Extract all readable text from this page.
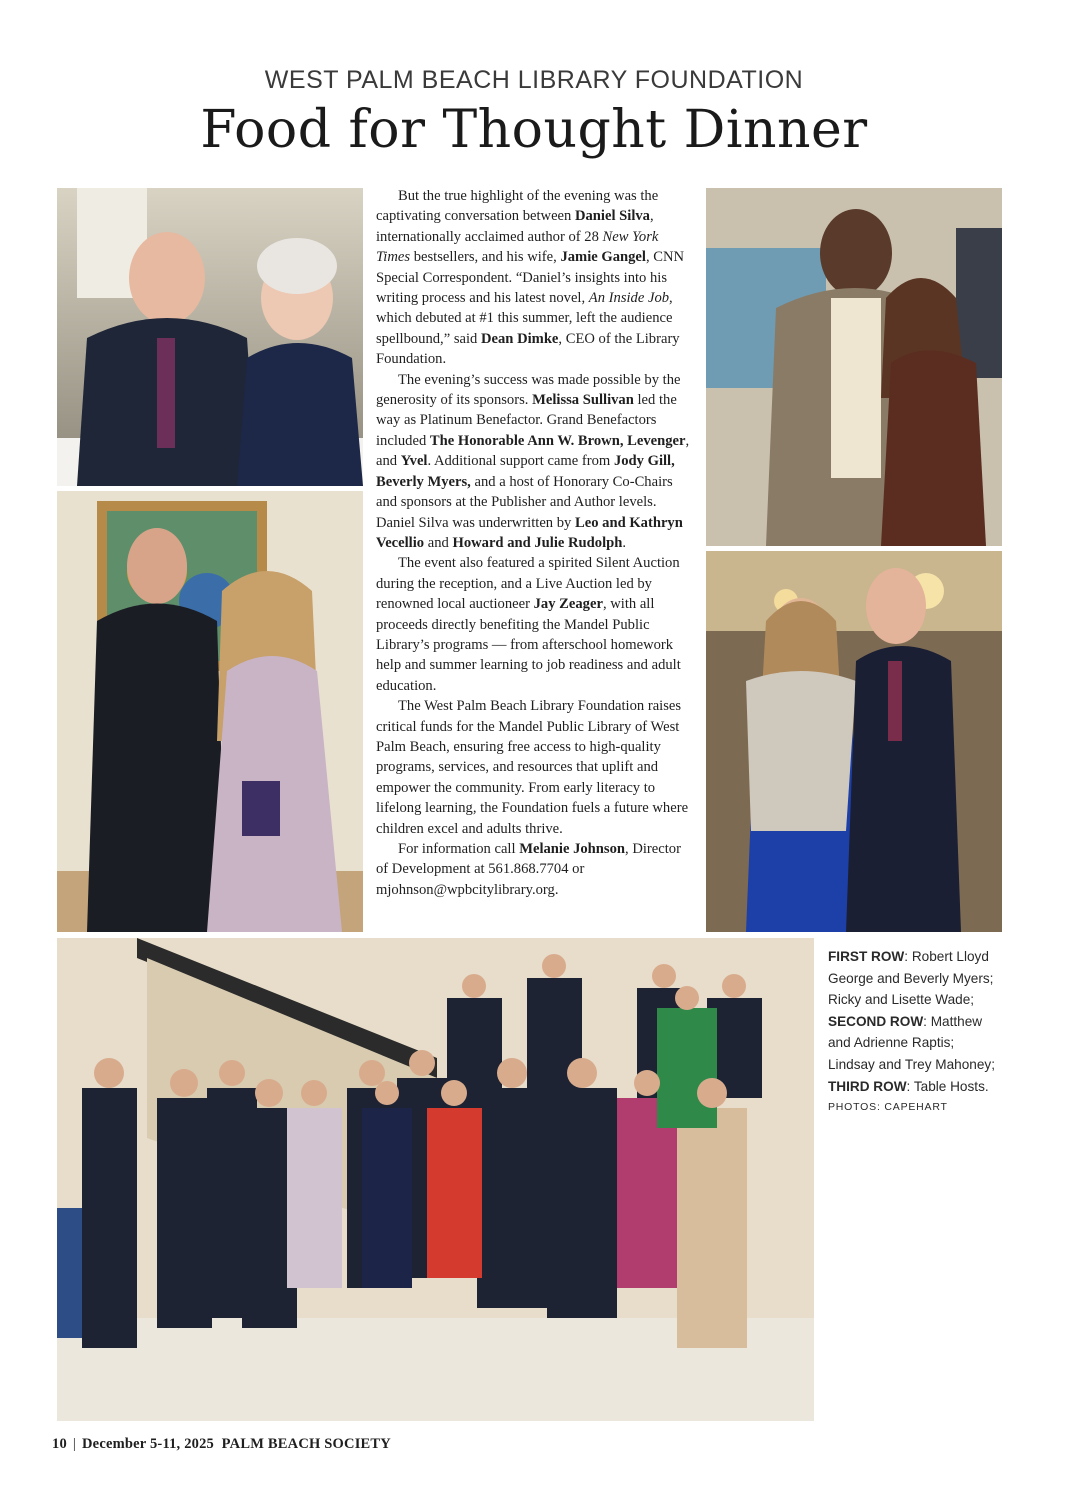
WEST PALM BEACH LIBRARY FOUNDATION
Food for Thought Dinner

But the true highlight of the evening was the captivating conversation between Daniel Silva, internationally acclaimed author of 28 New York Times bestsellers, and his wife, Jamie Gangel, CNN Special Correspondent. “Daniel’s insights into his writing process and his latest novel, An Inside Job, which debuted at #1 this summer, left the audience spellbound,” said Dean Dimke, CEO of the Library Foundation.

The evening’s success was made possible by the generosity of its sponsors. Melissa Sullivan led the way as Platinum Benefactor. Grand Benefactors included The Honorable Ann W. Brown, Levenger, and Yvel. Additional support came from Jody Gill, Beverly Myers, and a host of Honorary Co-Chairs and sponsors at the Publisher and Author levels. Daniel Silva was underwritten by Leo and Kathryn Vecellio and Howard and Julie Rudolph.

The event also featured a spirited Silent Auction during the reception, and a Live Auction led by renowned local auctioneer Jay Zeager, with all proceeds directly benefiting the Mandel Public Library’s programs — from afterschool homework help and summer learning to job readiness and adult education.

The West Palm Beach Library Foundation raises critical funds for the Mandel Public Library of West Palm Beach, ensuring free access to high-quality programs, services, and resources that uplift and empower the community. From early literacy to lifelong learning, the Foundation fuels a future where children excel and adults thrive.

For information call Melanie Johnson, Director of Development at 561.868.7704 or mjohnson@wpbcitylibrary.org.

FIRST ROW: Robert Lloyd George and Beverly Myers; Ricky and Lisette Wade; SECOND ROW: Matthew and Adrienne Raptis; Lindsay and Trey Mahoney; THIRD ROW: Table Hosts.
PHOTOS: CAPEHART
10 | December 5-11, 2025 PALM BEACH SOCIETY
